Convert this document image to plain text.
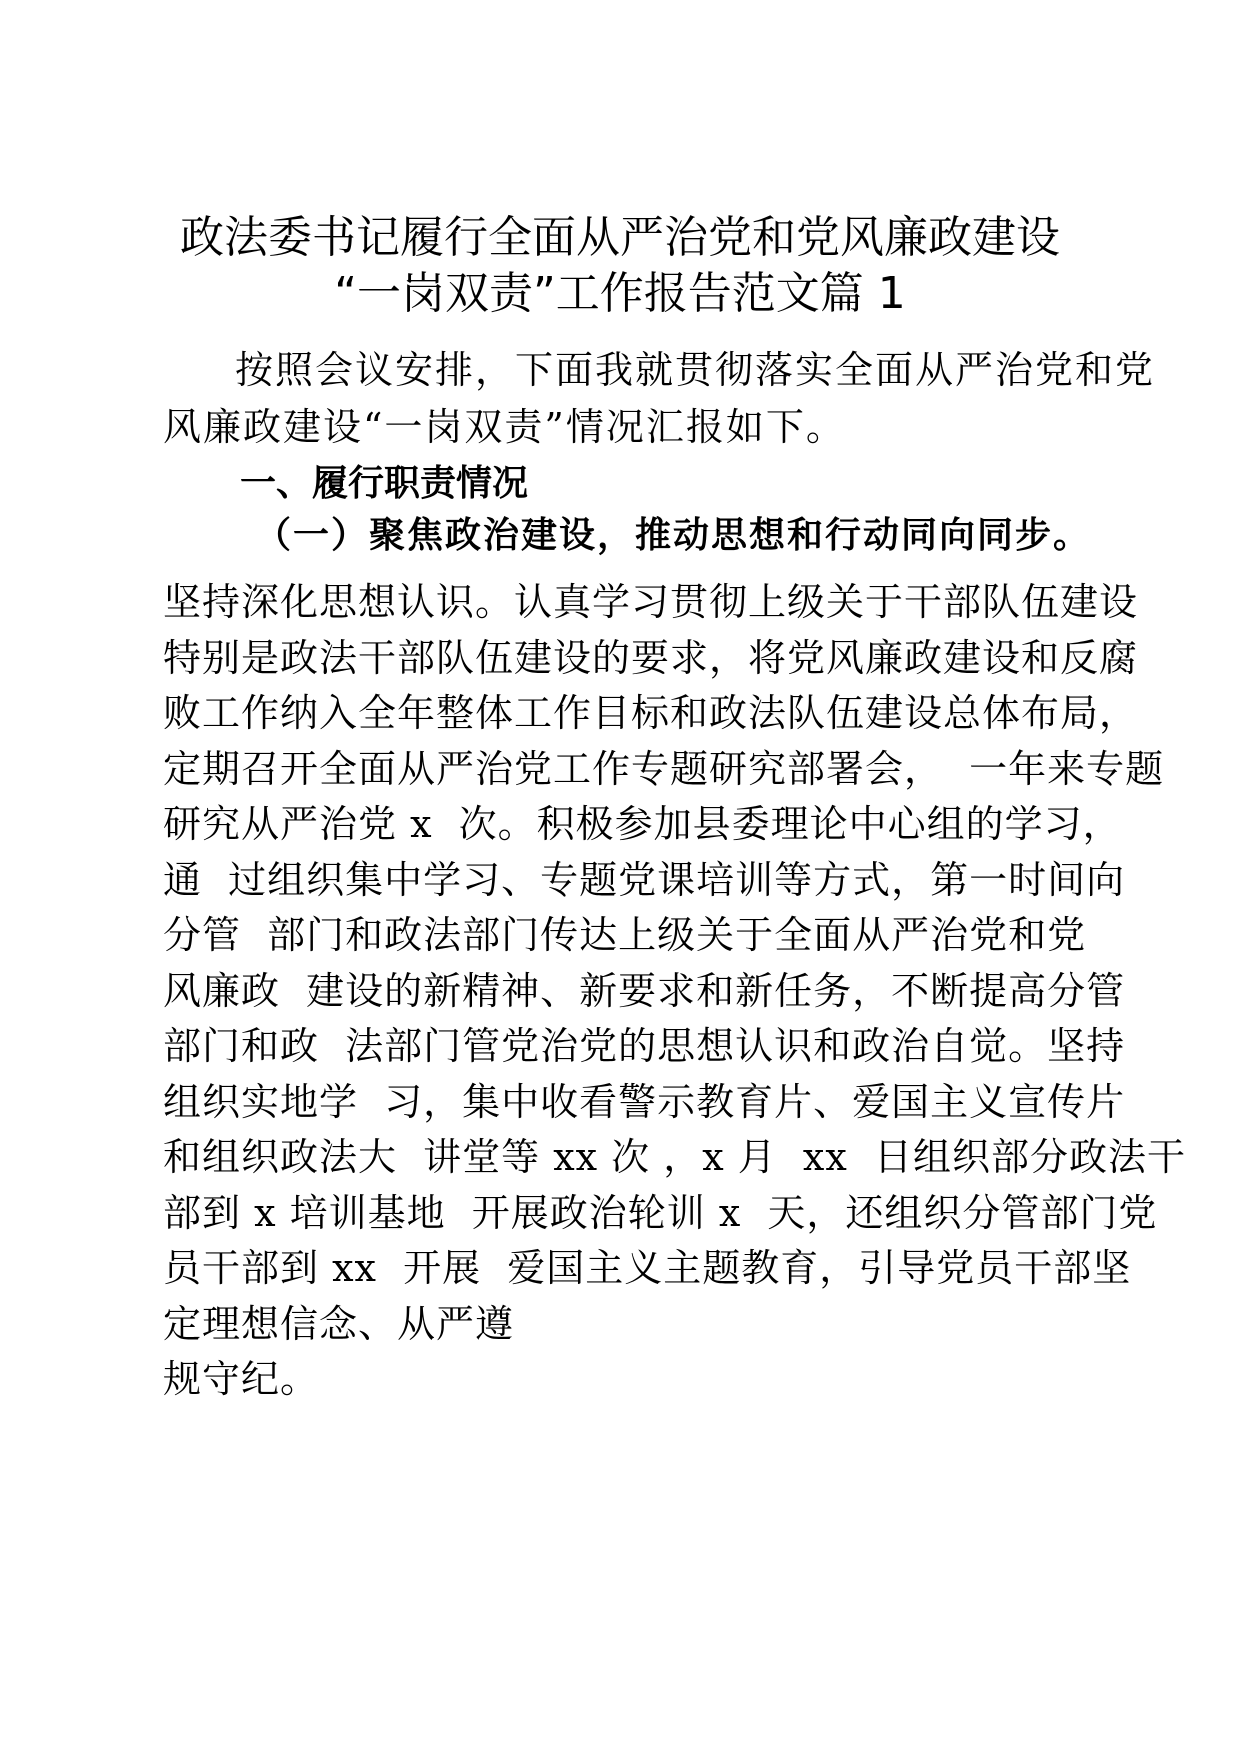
政法委书记履行全面从严治党和党风廉政建设
“一岗双责”工作报告范文篇 1
按照会议安排，下面我就贯彻落实全面从严治党和党
风廉政建设“一岗双责”情况汇报如下。
一、履行职责情况
（一）聚焦政治建设，推动思想和行动同向同步。
坚持深化思想认识。认真学习贯彻上级关于干部队伍建设
特别是政法干部队伍建设的要求，将党风廉政建设和反腐
败工作纳入全年整体工作目标和政法队伍建设总体布局，
定期召开全面从严治党工作专题研究部署会，  一年来专题
研究从严治党 x  次。积极参加县委理论中心组的学习，
通  过组织集中学习、专题党课培训等方式，第一时间向
分管  部门和政法部门传达上级关于全面从严治党和党
风廉政  建设的新精神、新要求和新任务，不断提高分管
部门和政  法部门管党治党的思想认识和政治自觉。坚持
组织实地学  习，集中收看警示教育片、爱国主义宣传片
和组织政法大  讲堂等 xx 次 ，x 月  xx  日组织部分政法干
部到 x 培训基地  开展政治轮训 x  天，还组织分管部门党
员干部到 xx  开展  爱国主义主题教育，引导党员干部坚
定理想信念、从严遵
规守纪。
